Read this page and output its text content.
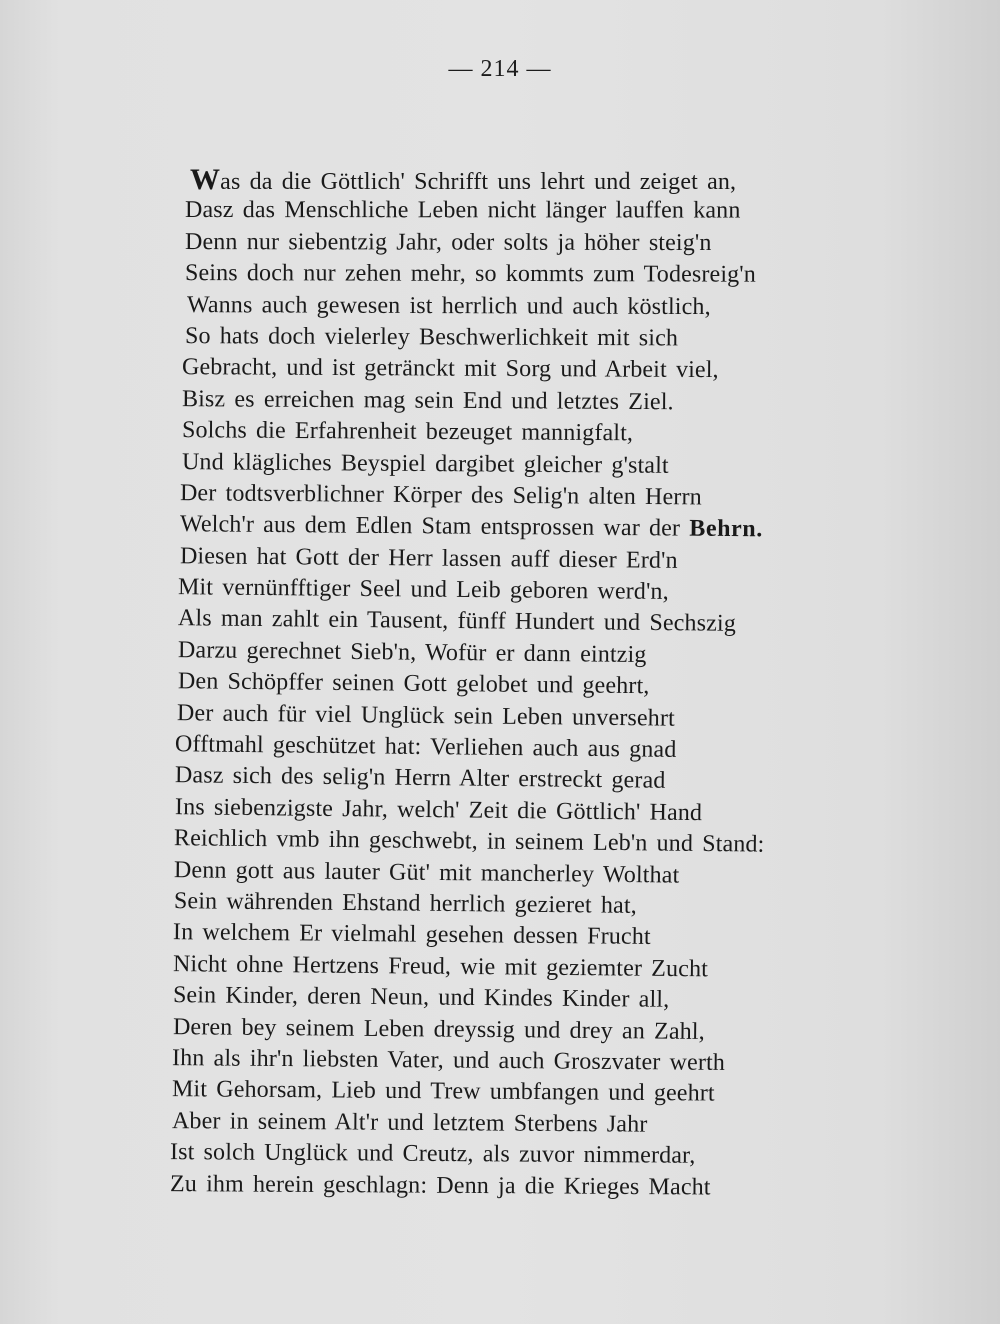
— 214 —
Was da die Göttlich' Schrifft uns lehrt und zeiget an,
Dasz das Menschliche Leben nicht länger lauffen kann
Denn nur siebentzig Jahr, oder solts ja höher steig'n
Seins doch nur zehen mehr, so kommts zum Todesreig'n
Wanns auch gewesen ist herrlich und auch köstlich,
So hats doch vielerley Beschwerlichkeit mit sich
Gebracht, und ist getränckt mit Sorg und Arbeit viel,
Bisz es erreichen mag sein End und letztes Ziel.
Solchs die Erfahrenheit bezeuget mannigfalt,
Und klägliches Beyspiel dargibet gleicher g'stalt
Der todtsverblichner Körper des Selig'n alten Herrn
Welch'r aus dem Edlen Stam entsprossen war der Behrn.
Diesen hat Gott der Herr lassen auff dieser Erd'n
Mit vernünfftiger Seel und Leib geboren werd'n,
Als man zahlt ein Tausent, fünff Hundert und Sechszig
Darzu gerechnet Sieb'n, Wofür er dann eintzig
Den Schöpffer seinen Gott gelobet und geehrt,
Der auch für viel Unglück sein Leben unversehrt
Offtmahl geschützet hat: Verliehen auch aus gnad
Dasz sich des selig'n Herrn Alter erstreckt gerad
Ins siebenzigste Jahr, welch' Zeit die Göttlich' Hand
Reichlich vmb ihn geschwebt, in seinem Leb'n und Stand:
Denn gott aus lauter Güt' mit mancherley Wolthat
Sein währenden Ehstand herrlich gezieret hat,
In welchem Er vielmahl gesehen dessen Frucht
Nicht ohne Hertzens Freud, wie mit geziemter Zucht
Sein Kinder, deren Neun, und Kindes Kinder all,
Deren bey seinem Leben dreyssig und drey an Zahl,
Ihn als ihr'n liebsten Vater, und auch Groszvater werth
Mit Gehorsam, Lieb und Trew umbfangen und geehrt
Aber in seinem Alt'r und letztem Sterbens Jahr
Ist solch Unglück und Creutz, als zuvor nimmerdar,
Zu ihm herein geschlagn: Denn ja die Krieges Macht
